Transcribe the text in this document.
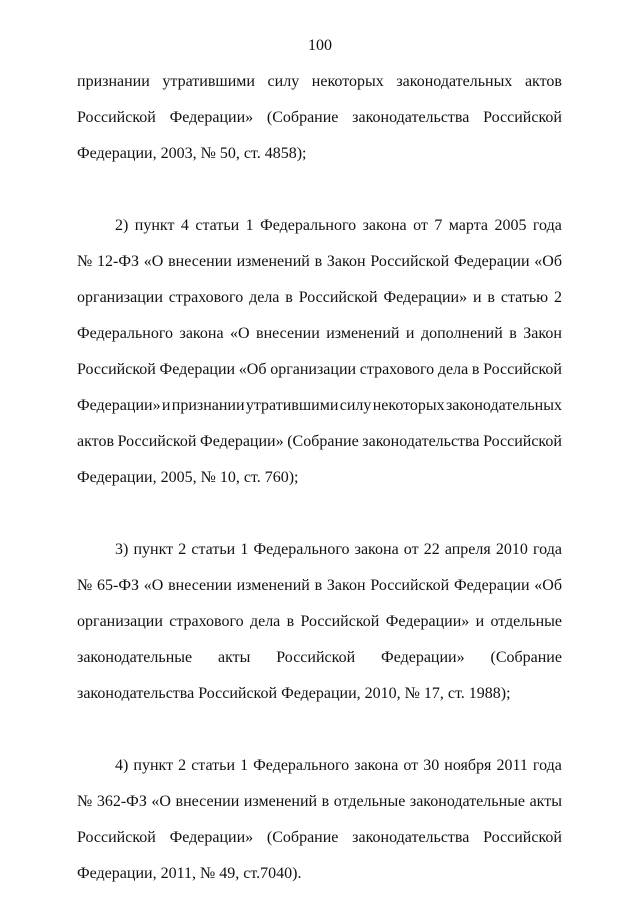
100
признании утратившими силу некоторых законодательных актов
Российской Федерации» (Собрание законодательства Российской
Федерации, 2003, № 50, ст. 4858);
2) пункт 4 статьи 1 Федерального закона от 7 марта 2005 года
№ 12-ФЗ «О внесении изменений в Закон Российской Федерации «Об
организации страхового дела в Российской Федерации» и в статью 2
Федерального закона «О внесении изменений и дополнений в Закон
Российской Федерации «Об организации страхового дела в Российской
Федерации» и признании утратившими силу некоторых законодательных
актов Российской Федерации» (Собрание законодательства Российской
Федерации, 2005, № 10, ст. 760);
3) пункт 2 статьи 1 Федерального закона от 22 апреля 2010 года
№ 65-ФЗ «О внесении изменений в Закон Российской Федерации «Об
организации страхового дела в Российской Федерации» и отдельные
законодательные акты Российской Федерации» (Собрание
законодательства Российской Федерации, 2010, № 17, ст. 1988);
4) пункт 2 статьи 1 Федерального закона от 30 ноября 2011 года
№ 362-ФЗ «О внесении изменений в отдельные законодательные акты
Российской Федерации» (Собрание законодательства Российской
Федерации, 2011, № 49, ст.7040).
